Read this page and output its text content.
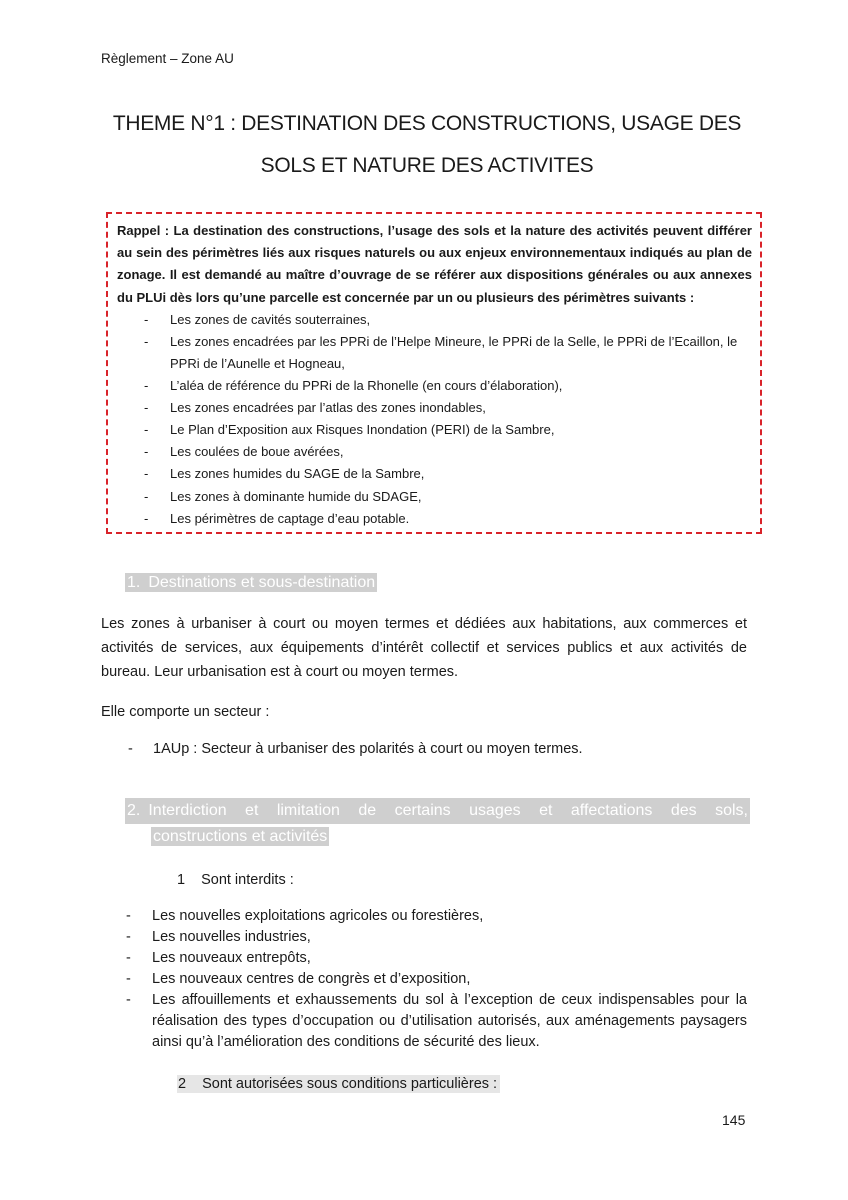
Règlement – Zone AU
THEME N°1 : DESTINATION DES CONSTRUCTIONS, USAGE DES
SOLS ET NATURE DES ACTIVITES

Rappel : La destination des constructions, l’usage des sols et la nature des activités peuvent différer au sein des périmètres liés aux risques naturels ou aux enjeux environnementaux indiqués au plan de zonage. Il est demandé au maître d’ouvrage de se référer aux dispositions générales ou aux annexes du PLUi dès lors qu’une parcelle est concernée par un ou plusieurs des périmètres suivants :

- Les zones de cavités souterraines,
- Les zones encadrées par les PPRi de l’Helpe Mineure, le PPRi de la Selle, le PPRi de l’Ecaillon, le PPRi de l’Aunelle et Hogneau,
- L’aléa de référence du PPRi de la Rhonelle (en cours d’élaboration),
- Les zones encadrées par l’atlas des zones inondables,
- Le Plan d’Exposition aux Risques Inondation (PERI) de la Sambre,
- Les coulées de boue avérées,
- Les zones humides du SAGE de la Sambre,
- Les zones à dominante humide du SDAGE,
- Les périmètres de captage d’eau potable.
1. Destinations et sous-destination
Les zones à urbaniser à court ou moyen termes et dédiées aux habitations, aux commerces et activités de services, aux équipements d’intérêt collectif et services publics et aux activités de bureau. Leur urbanisation est à court ou moyen termes.
Elle comporte un secteur :
- 1AUp : Secteur à urbaniser des polarités à court ou moyen termes.
2. Interdiction et limitation de certains usages et affectations des sols,
constructions et activités
1 Sont interdits :
- Les nouvelles exploitations agricoles ou forestières,
- Les nouvelles industries,
- Les nouveaux entrepôts,
- Les nouveaux centres de congrès et d’exposition,
- Les affouillements et exhaussements du sol à l’exception de ceux indispensables pour la réalisation des types d’occupation ou d’utilisation autorisés, aux aménagements paysagers ainsi qu’à l’amélioration des conditions de sécurité des lieux.
2 Sont autorisées sous conditions particulières :
145
